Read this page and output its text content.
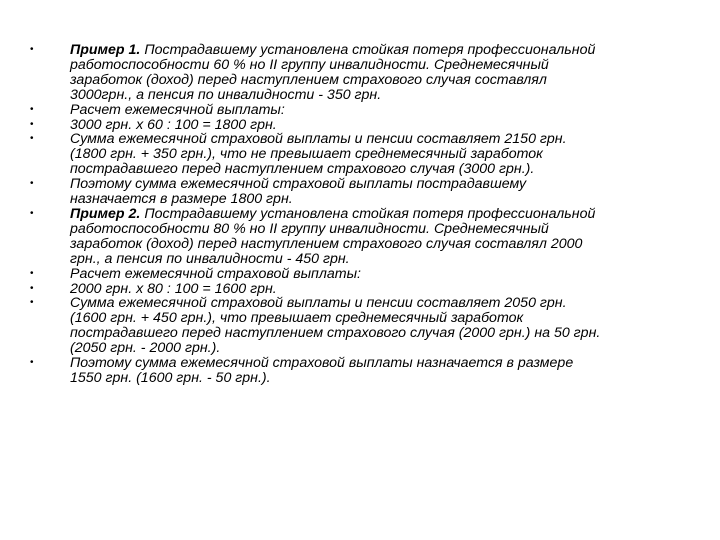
•	Пример 1. Пострадавшему установлена стойкая потеря профессиональной
работоспособности 60 % но II группу инвалидности. Среднемесячный
заработок (доход) перед наступлением страхового случая составлял
3000грн., а пенсия по инвалидности - 350 грн.
•	Расчет ежемесячной выплаты:
•	3000 грн. x 60 : 100 = 1800 грн.
•	Сумма ежемесячной страховой выплаты и пенсии составляет 2150 грн.
(1800 грн. + 350 грн.), что не превышает среднемесячный заработок
пострадавшего перед наступлением страхового случая (3000 грн.).
•	Поэтому сумма ежемесячной страховой выплаты пострадавшему
назначается в размере 1800 грн.
•	Пример 2. Пострадавшему установлена стойкая потеря профессиональной
работоспособности 80 % но II группу инвалидности. Среднемесячный
заработок (доход) перед наступлением страхового случая составлял 2000
грн., а пенсия по инвалидности - 450 грн.
•	Расчет ежемесячной страховой выплаты:
•	2000 грн. x 80 : 100 = 1600 грн.
•	Сумма ежемесячной страховой выплаты и пенсии составляет 2050 грн.
(1600 грн. + 450 грн.), что превышает среднемесячный заработок
пострадавшего перед наступлением страхового случая (2000 грн.) на 50 грн.
(2050 грн. - 2000 грн.).
•	Поэтому сумма ежемесячной страховой выплаты назначается в размере
1550 грн. (1600 грн. - 50 грн.).
